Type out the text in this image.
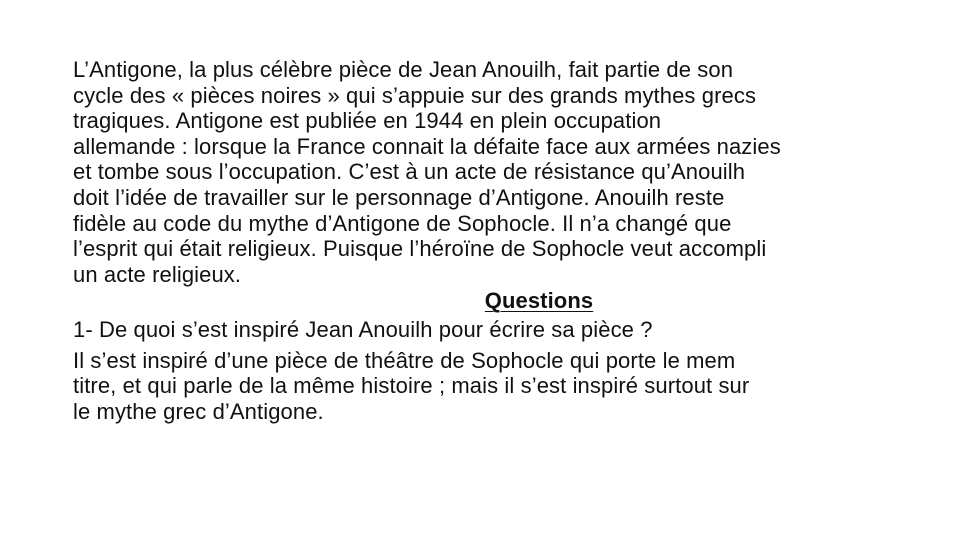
L’Antigone, la plus célèbre pièce de Jean Anouilh, fait partie de son
cycle des « pièces noires » qui s’appuie sur des grands mythes grecs
tragiques. Antigone est publiée en 1944 en plein occupation
allemande : lorsque la France connait la défaite face aux armées nazies
et tombe sous l’occupation. C’est à un acte de résistance qu’Anouilh
doit l’idée de travailler sur le personnage d’Antigone. Anouilh reste
fidèle au code du mythe d’Antigone de Sophocle. Il n’a changé que
l’esprit qui était religieux. Puisque l’héroïne de Sophocle veut accompli
un acte religieux.

Questions

1- De quoi s’est inspiré Jean Anouilh pour écrire sa pièce ?

Il s’est inspiré d’une pièce de théâtre de Sophocle qui porte le mem
titre, et qui parle de la même histoire ; mais il s’est inspiré surtout sur
le mythe grec d’Antigone.
